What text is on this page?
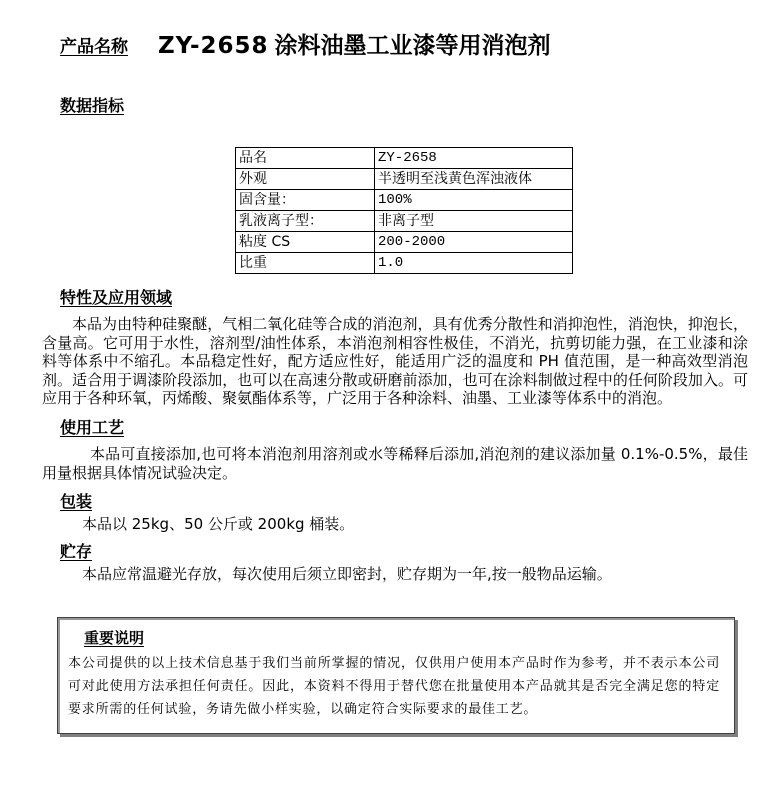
产品名称 ZY-2658 涂料油墨工业漆等用消泡剂
数据指标
品名	ZY-2658
外观	半透明至浅黄色浑浊液体
固含量：	100%
乳液离子型：	非离子型
粘度 CS	200-2000
比重	1.0
特性及应用领域

本品为由特种硅聚醚，气相二氧化硅等合成的消泡剂，具有优秀分散性和消抑泡性，消泡快，抑泡长，含量高。它可用于水性，溶剂型/油性体系，本消泡剂相容性极佳，不消光，抗剪切能力强，在工业漆和涂料等体系中不缩孔。本品稳定性好，配方适应性好，能适用广泛的温度和 PH 值范围，是一种高效型消泡剂。适合用于调漆阶段添加，也可以在高速分散或研磨前添加，也可在涂料制做过程中的任何阶段加入。可应用于各种环氧，丙烯酸、聚氨酯体系等，广泛用于各种涂料、油墨、工业漆等体系中的消泡。

使用工艺

本品可直接添加,也可将本消泡剂用溶剂或水等稀释后添加,消泡剂的建议添加量 0.1%-0.5%，最佳用量根据具体情况试验决定。

包装

本品以 25kg、50 公斤或 200kg 桶装。

贮存

本品应常温避光存放，每次使用后须立即密封，贮存期为一年,按一般物品运输。

重要说明

本公司提供的以上技术信息基于我们当前所掌握的情况，仅供用户使用本产品时作为参考，并不表示本公司可对此使用方法承担任何责任。因此，本资料不得用于替代您在批量使用本产品就其是否完全满足您的特定要求所需的任何试验，务请先做小样实验，以确定符合实际要求的最佳工艺。
